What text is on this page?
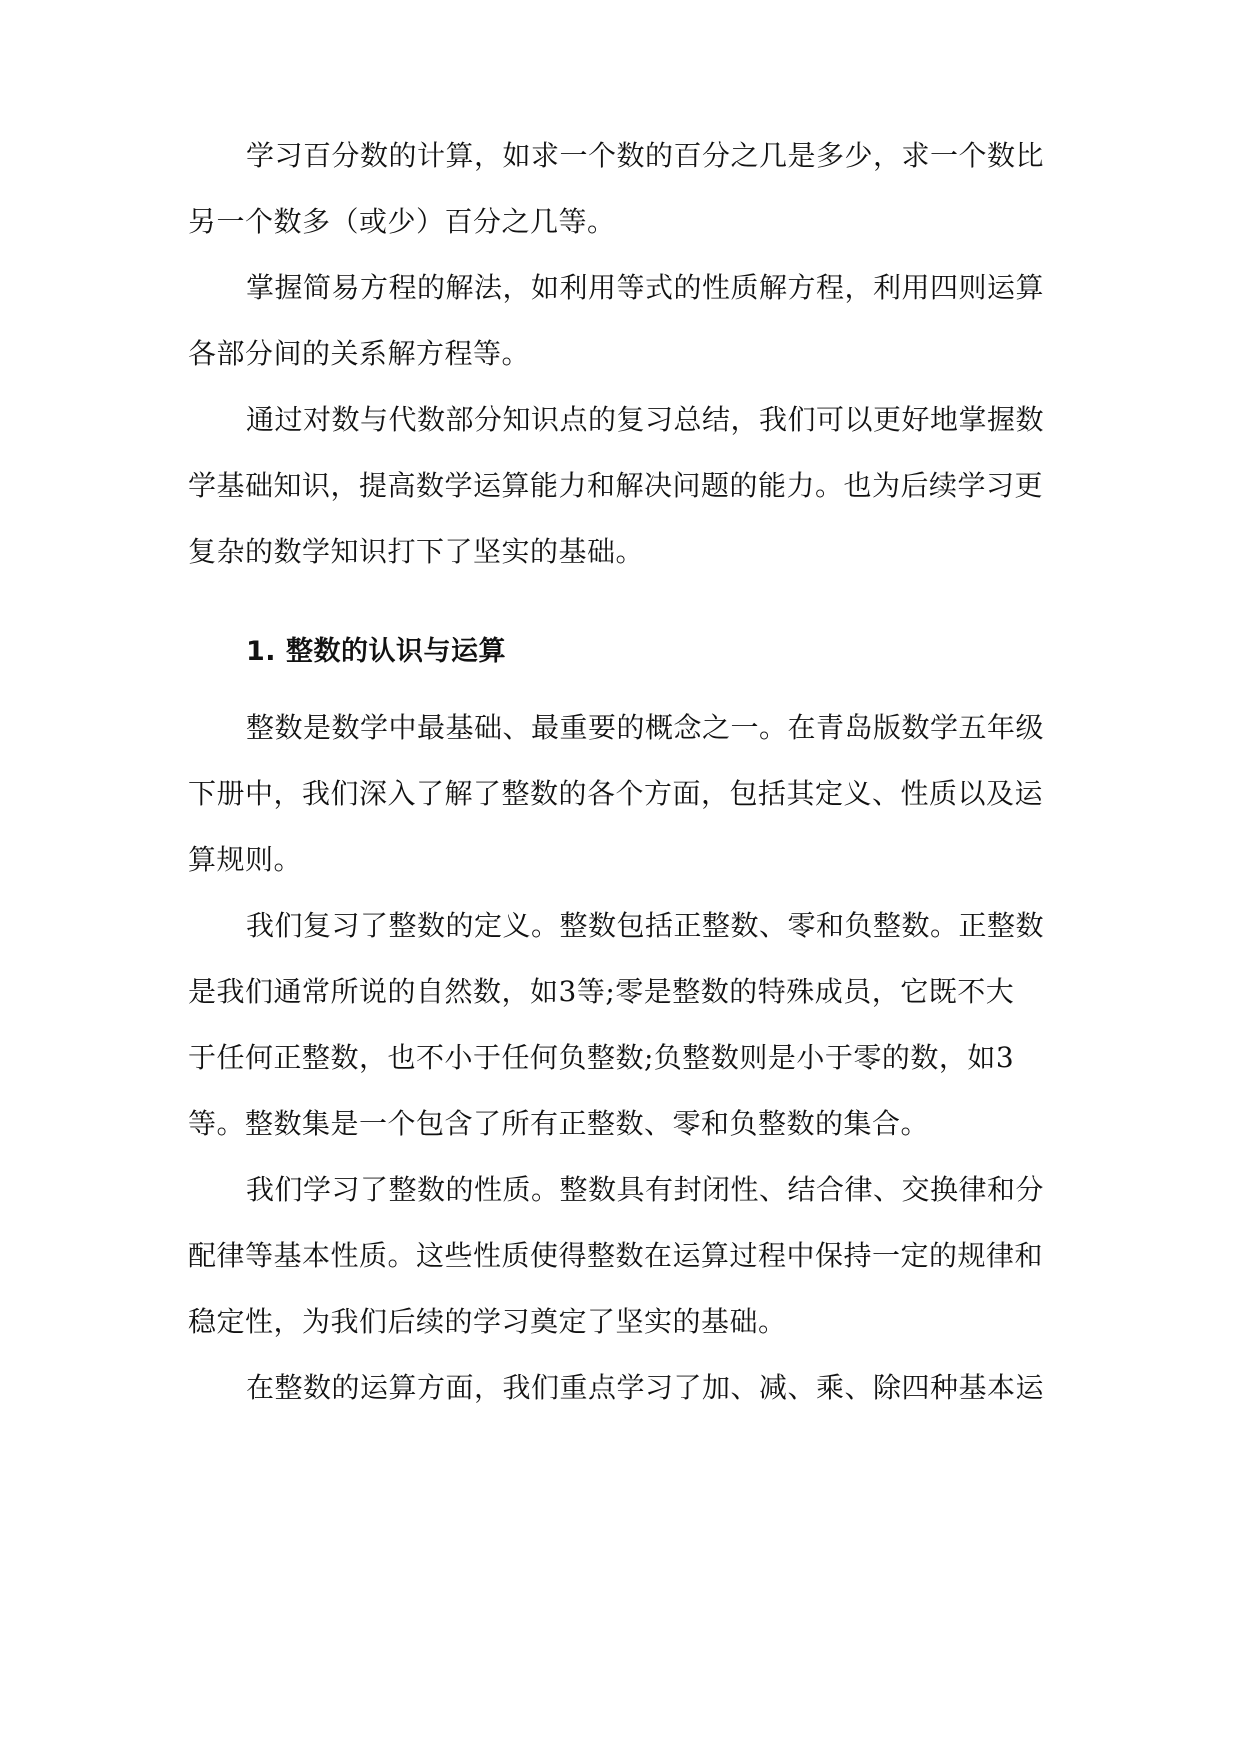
学习百分数的计算，如求一个数的百分之几是多少，求一个数比
另一个数多（或少）百分之几等。
掌握简易方程的解法，如利用等式的性质解方程，利用四则运算
各部分间的关系解方程等。
通过对数与代数部分知识点的复习总结，我们可以更好地掌握数
学基础知识，提高数学运算能力和解决问题的能力。也为后续学习更
复杂的数学知识打下了坚实的基础。
1. 整数的认识与运算
整数是数学中最基础、最重要的概念之一。在青岛版数学五年级
下册中，我们深入了解了整数的各个方面，包括其定义、性质以及运
算规则。
我们复习了整数的定义。整数包括正整数、零和负整数。正整数
是我们通常所说的自然数，如3等;零是整数的特殊成员，它既不大
于任何正整数，也不小于任何负整数;负整数则是小于零的数，如3
等。整数集是一个包含了所有正整数、零和负整数的集合。
我们学习了整数的性质。整数具有封闭性、结合律、交换律和分
配律等基本性质。这些性质使得整数在运算过程中保持一定的规律和
稳定性，为我们后续的学习奠定了坚实的基础。
在整数的运算方面，我们重点学习了加、减、乘、除四种基本运
